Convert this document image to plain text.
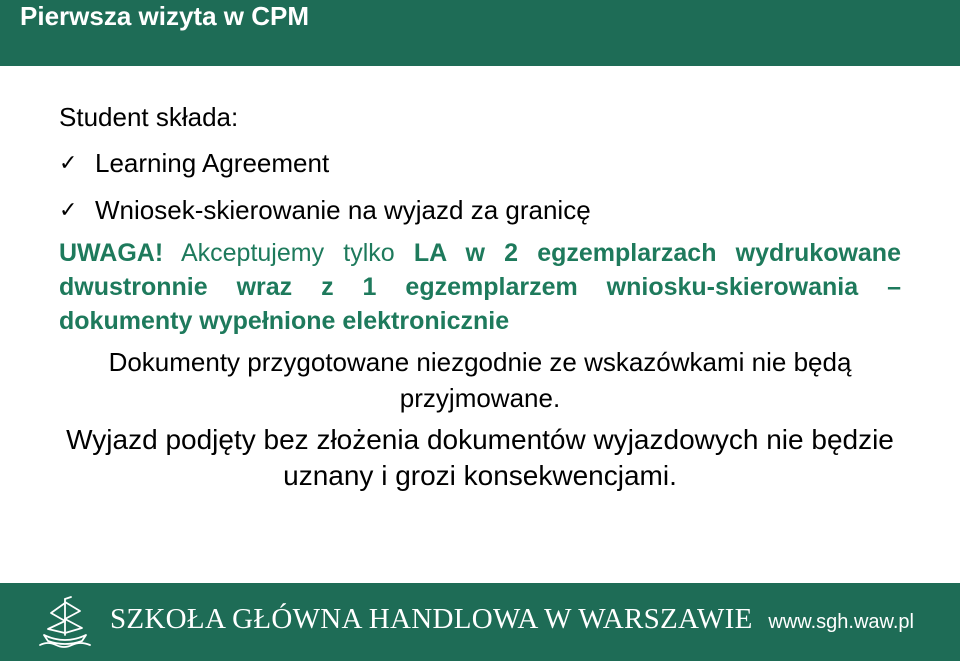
Pierwsza wizyta w CPM
Student składa:
✓ Learning Agreement
✓ Wniosek-skierowanie na wyjazd za granicę
UWAGA! Akceptujemy tylko LA w 2 egzemplarzach wydrukowane dwustronnie wraz z 1 egzemplarzem wniosku-skierowania – dokumenty wypełnione elektronicznie
Dokumenty przygotowane niezgodnie ze wskazówkami nie będą przyjmowane.
Wyjazd podjęty bez złożenia dokumentów wyjazdowych nie będzie uznany i grozi konsekwencjami.
SZKOŁA GŁÓWNA HANDLOWA W WARSZAWIE www.sgh.waw.pl
